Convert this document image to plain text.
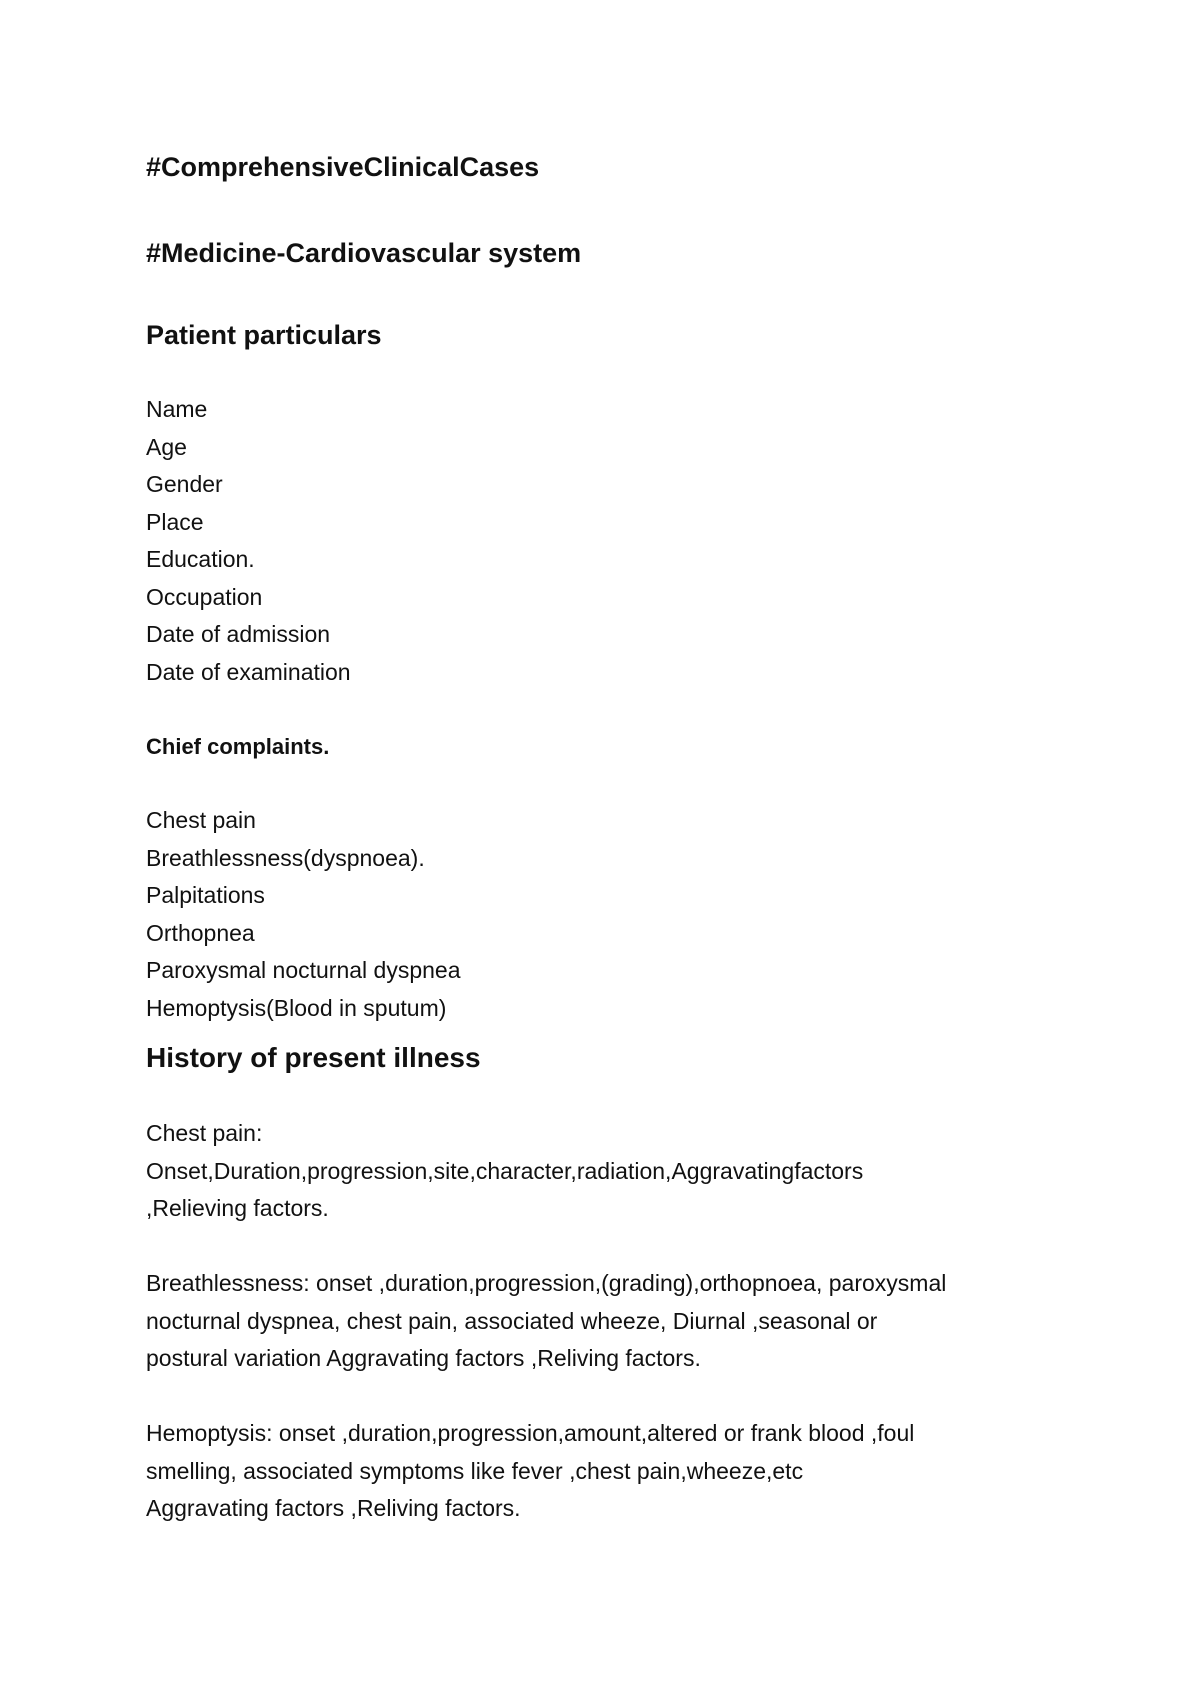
#ComprehensiveClinicalCases
#Medicine-Cardiovascular system
Patient particulars
Name
Age
Gender
Place
Education.
Occupation
Date of admission
Date of examination
Chief complaints.
Chest pain
Breathlessness(dyspnoea).
Palpitations
Orthopnea
Paroxysmal nocturnal dyspnea
Hemoptysis(Blood in sputum)
History of present illness

Chest pain:
Onset,Duration,progression,site,character,radiation,Aggravatingfactors
,Relieving factors.

Breathlessness: onset ,duration,progression,(grading),orthopnoea, paroxysmal
nocturnal dyspnea, chest pain, associated wheeze, Diurnal ,seasonal or
postural variation Aggravating factors ,Reliving factors.

Hemoptysis: onset ,duration,progression,amount,altered or frank blood ,foul
smelling, associated symptoms like fever ,chest pain,wheeze,etc
Aggravating factors ,Reliving factors.
